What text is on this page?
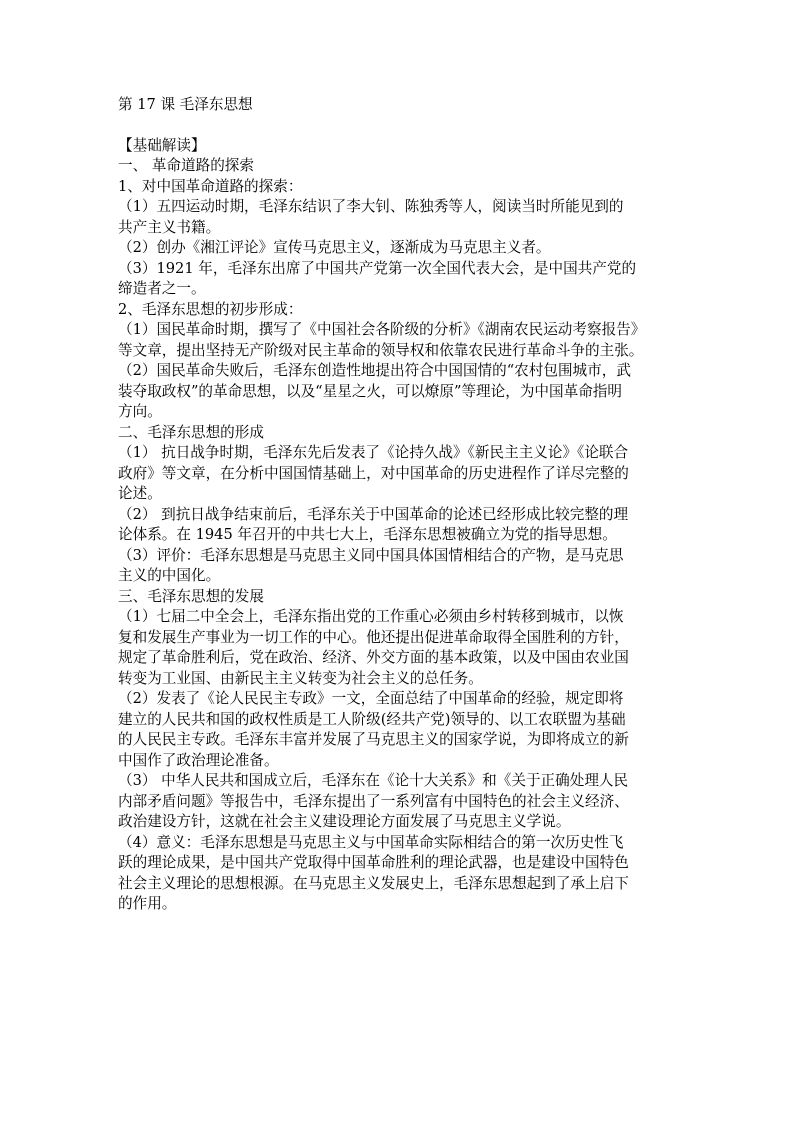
第 17 课 毛泽东思想
【基础解读】
一、 革命道路的探索
1、对中国革命道路的探索：
（1）五四运动时期，毛泽东结识了李大钊、陈独秀等人，阅读当时所能见到的
共产主义书籍。
（2）创办《湘江评论》宣传马克思主义，逐渐成为马克思主义者。
（3）1921 年，毛泽东出席了中国共产党第一次全国代表大会，是中国共产党的
缔造者之一。
2、毛泽东思想的初步形成：
（1）国民革命时期，撰写了《中国社会各阶级的分析》《湖南农民运动考察报告》
等文章，提出坚持无产阶级对民主革命的领导权和依靠农民进行革命斗争的主张。
（2）国民革命失败后，毛泽东创造性地提出符合中国国情的“农村包围城市，武
装夺取政权”的革命思想，以及“星星之火，可以燎原”等理论，为中国革命指明
方向。
二、毛泽东思想的形成
（1） 抗日战争时期，毛泽东先后发表了《论持久战》《新民主主义论》《论联合
政府》等文章，在分析中国国情基础上，对中国革命的历史进程作了详尽完整的
论述。
（2） 到抗日战争结束前后，毛泽东关于中国革命的论述已经形成比较完整的理
论体系。在 1945 年召开的中共七大上，毛泽东思想被确立为党的指导思想。
（3）评价：毛泽东思想是马克思主义同中国具体国情相结合的产物，是马克思
主义的中国化。
三、毛泽东思想的发展
（1）七届二中全会上，毛泽东指出党的工作重心必须由乡村转移到城市，以恢
复和发展生产事业为一切工作的中心。他还提出促进革命取得全国胜利的方针，
规定了革命胜利后，党在政治、经济、外交方面的基本政策，以及中国由农业国
转变为工业国、由新民主主义转变为社会主义的总任务。
（2）发表了《论人民民主专政》一文，全面总结了中国革命的经验，规定即将
建立的人民共和国的政权性质是工人阶级(经共产党)领导的、以工农联盟为基础
的人民民主专政。毛泽东丰富并发展了马克思主义的国家学说，为即将成立的新
中国作了政治理论准备。
（3） 中华人民共和国成立后，毛泽东在《论十大关系》和《关于正确处理人民
内部矛盾问题》等报告中，毛泽东提出了一系列富有中国特色的社会主义经济、
政治建设方针，这就在社会主义建设理论方面发展了马克思主义学说。
（4）意义：毛泽东思想是马克思主义与中国革命实际相结合的第一次历史性飞
跃的理论成果，是中国共产党取得中国革命胜利的理论武器，也是建设中国特色
社会主义理论的思想根源。在马克思主义发展史上，毛泽东思想起到了承上启下
的作用。
